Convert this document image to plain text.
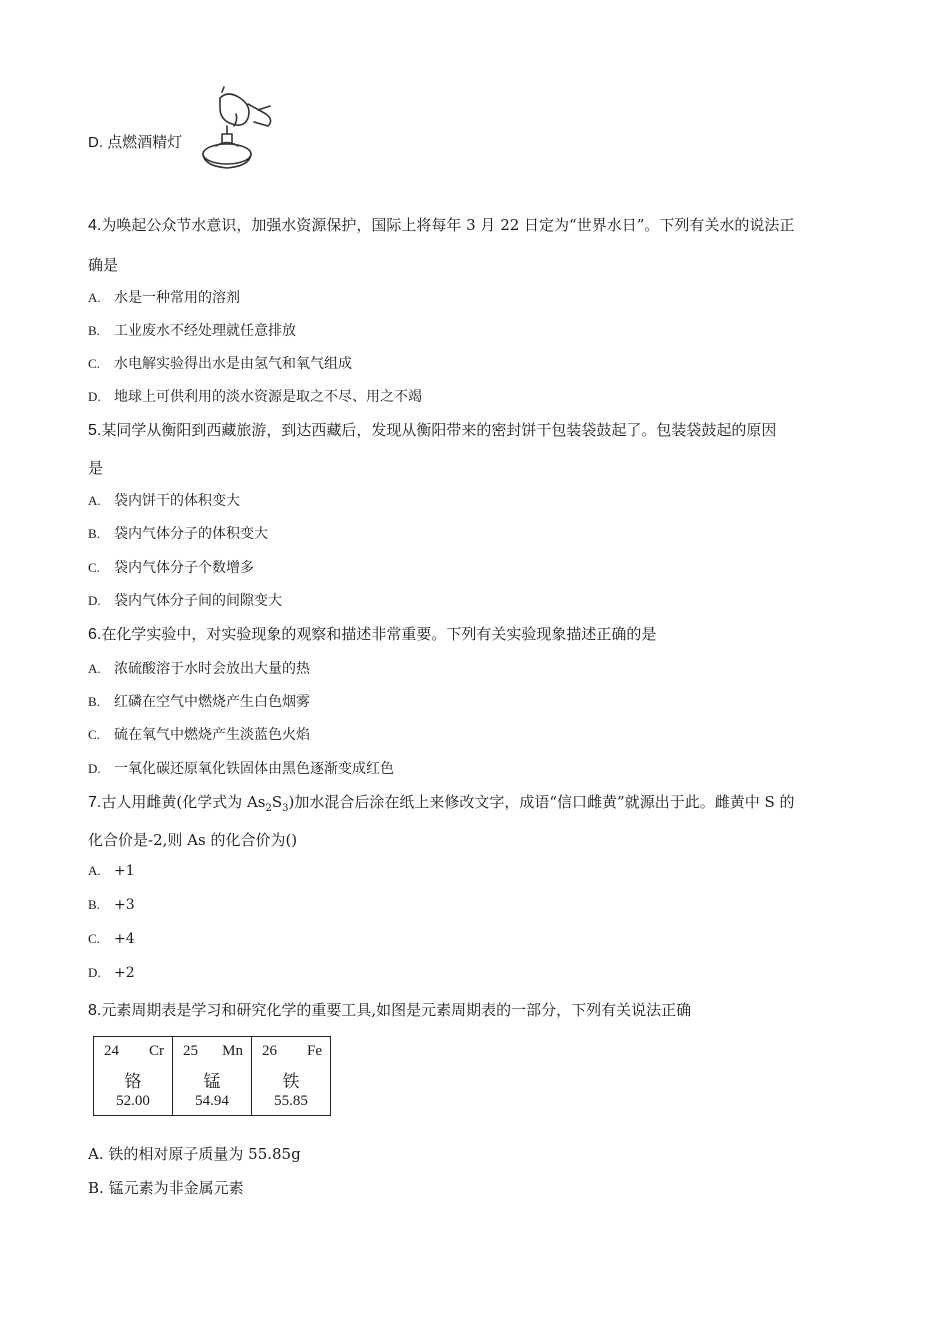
D. 点燃酒精灯
4.为唤起公众节水意识，加强水资源保护，国际上将每年 3 月 22 日定为“世界水日”。下列有关水的说法正
确是
A. 水是一种常用的溶剂
B. 工业废水不经处理就任意排放
C. 水电解实验得出水是由氢气和氧气组成
D. 地球上可供利用的淡水资源是取之不尽、用之不竭
5.某同学从衡阳到西藏旅游，到达西藏后，发现从衡阳带来的密封饼干包装袋鼓起了。包装袋鼓起的原因
是
A. 袋内饼干的体积变大
B. 袋内气体分子的体积变大
C. 袋内气体分子个数增多
D. 袋内气体分子间的间隙变大
6.在化学实验中，对实验现象的观察和描述非常重要。下列有关实验现象描述正确的是
A. 浓硫酸溶于水时会放出大量的热
B. 红磷在空气中燃烧产生白色烟雾
C. 硫在氧气中燃烧产生淡蓝色火焰
D. 一氧化碳还原氧化铁固体由黑色逐渐变成红色
7.古人用雌黄(化学式为 $As_2S_3$)加水混合后涂在纸上来修改文字，成语“信口雌黄”就源出于此。雌黄中 S 的
化合价是-2,则 As 的化合价为()
A. +1
B. +3
C. +4
D. +2
8.元素周期表是学习和研究化学的重要工具,如图是元素周期表的一部分，下列有关说法正确
24 Cr
铬
52.00

25 Mn
锰
54.94

26 Fe
铁
55.85
A. 铁的相对原子质量为 55.85g
B. 锰元素为非金属元素
